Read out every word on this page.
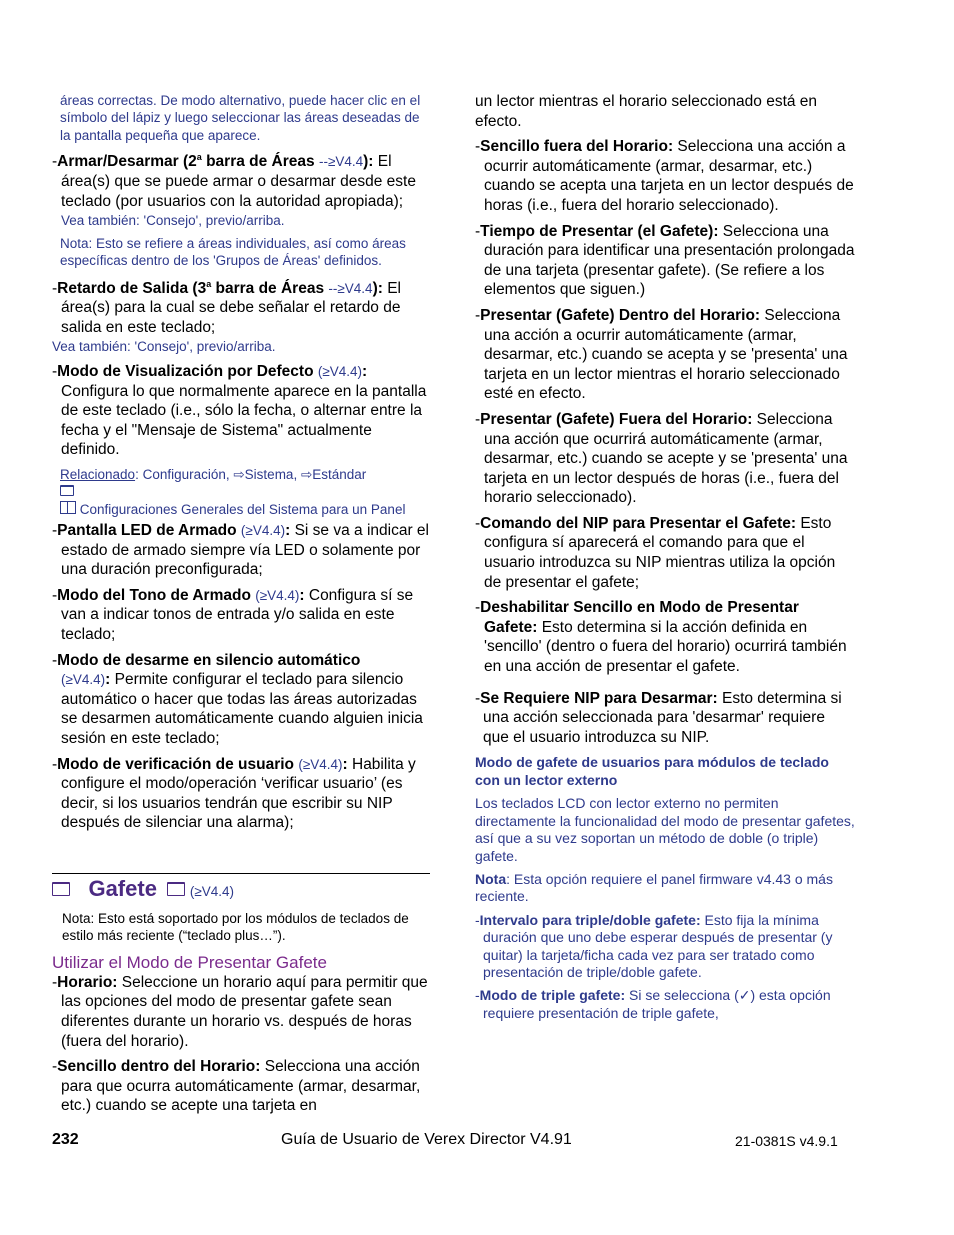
áreas correctas. De modo alternativo, puede hacer clic en el símbolo del lápiz y luego seleccionar las áreas deseadas de la pantalla pequeña que aparece.

-Armar/Desarmar (2$^a$ barra de Áreas --≥V4.4): El área(s) que se puede armar o desarmar desde este teclado (por usuarios con la autoridad apropiada); Vea también: 'Consejo', previo/arriba.

Nota: Esto se refiere a áreas individuales, así como áreas específicas dentro de los 'Grupos de Áreas' definidos.

-Retardo de Salida (3$^a$ barra de Áreas --≥V4.4): El área(s) para la cual se debe señalar el retardo de salida en este teclado;

Vea también: 'Consejo', previo/arriba.

-Modo de Visualización por Defecto (≥V4.4): Configura lo que normalmente aparece en la pantalla de este teclado (i.e., sólo la fecha, o alternar entre la fecha y el "Mensaje de Sistema" actualmente definido.

Relacionado: Configuración, ⇨Sistema, ⇨Estándar

Configuraciones Generales del Sistema para un Panel

-Pantalla LED de Armado (≥V4.4): Si se va a indicar el estado de armado siempre vía LED o solamente por una duración preconfigurada;

-Modo del Tono de Armado (≥V4.4): Configura sí se van a indicar tonos de entrada y/o salida en este teclado;

-Modo de desarme en silencio automático
(≥V4.4): Permite configurar el teclado para silencio automático o hacer que todas las áreas autorizadas se desarmen automáticamente cuando alguien inicia sesión en este teclado;

-Modo de verificación de usuario (≥V4.4): Habilita y configure el modo/operación ‘verificar usuario’ (es decir, si los usuarios tendrán que escribir su NIP después de silenciar una alarma);

Gafete (≥V4.4)

Nota: Esto está soportado por los módulos de teclados de estilo más reciente (“teclado plus…”).

Utilizar el Modo de Presentar Gafete

-Horario: Seleccione un horario aquí para permitir que las opciones del modo de presentar gafete sean diferentes durante un horario vs. después de horas (fuera del horario).

-Sencillo dentro del Horario: Selecciona una acción para que ocurra automáticamente (armar, desarmar, etc.) cuando se acepte una tarjeta en

un lector mientras el horario seleccionado está en efecto.

-Sencillo fuera del Horario: Selecciona una acción a ocurrir automáticamente (armar, desarmar, etc.) cuando se acepta una tarjeta en un lector después de horas (i.e., fuera del horario seleccionado).

-Tiempo de Presentar (el Gafete): Selecciona una duración para identificar una presentación prolongada de una tarjeta (presentar gafete). (Se refiere a los elementos que siguen.)

-Presentar (Gafete) Dentro del Horario: Selecciona una acción a ocurrir automáticamente (armar, desarmar, etc.) cuando se acepta y se 'presenta' una tarjeta en un lector mientras el horario seleccionado esté en efecto.

-Presentar (Gafete) Fuera del Horario: Selecciona una acción que ocurrirá automáticamente (armar, desarmar, etc.) cuando se acepte y se 'presenta' una tarjeta en un lector después de horas (i.e., fuera del horario seleccionado).

-Comando del NIP para Presentar el Gafete: Esto configura sí aparecerá el comando para que el usuario introduzca su NIP mientras utiliza la opción de presentar el gafete;

-Deshabilitar Sencillo en Modo de Presentar Gafete: Esto determina si la acción definida en 'sencillo' (dentro o fuera del horario) ocurrirá también en una acción de presentar el gafete.

-Se Requiere NIP para Desarmar: Esto determina si una acción seleccionada para 'desarmar' requiere que el usuario introduzca su NIP.

Modo de gafete de usuarios para módulos de teclado con un lector externo

Los teclados LCD con lector externo no permiten directamente la funcionalidad del modo de presentar gafetes, así que a su vez soportan un método de doble (o triple) gafete.

Nota: Esta opción requiere el panel firmware v4.43 o más reciente.

-Intervalo para triple/doble gafete: Esto fija la mínima duración que uno debe esperar después de presentar (y quitar) la tarjeta/ficha cada vez para ser tratado como presentación de triple/doble gafete.

-Modo de triple gafete: Si se selecciona (✓) esta opción requiere presentación de triple gafete,

232	Guía de Usuario de Verex Director V4.91	21-0381S v4.9.1
